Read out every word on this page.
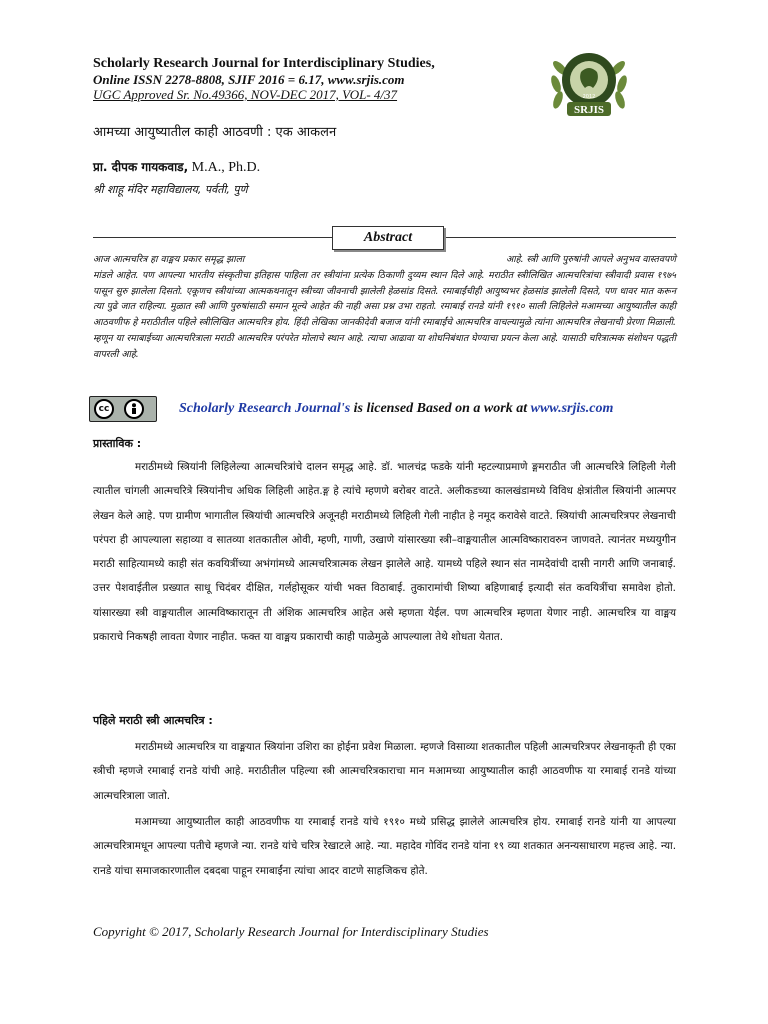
Scholarly Research Journal for Interdisciplinary Studies,

Online ISSN 2278-8808, SJIF 2016 = 6.17, www.srjis.com

UGC Approved Sr. No.49366, NOV-DEC 2017, VOL- 4/37

SRJIS
2012

आमच्या आयुष्यातील काही आठवणी : एक आकलन

प्रा. दीपक गायकवाड, M.A., Ph.D.
श्री शाहू मंदिर महाविद्यालय, पर्वती, पुणे
Abstract
आज आत्मचरित्र हा वाङ्मय प्रकार समृद्ध झाला	आहे. स्त्री आणि पुरुषांनी आपले अनुभव वास्तवपणे
मांडले आहेत. पण आपल्या भारतीय संस्कृतीचा इतिहास पाहिला तर स्त्रीयांना प्रत्येक ठिकाणी दुय्यम स्थान दिले आहे. मराठीत स्त्रीलिखित आत्मचरित्रांचा स्त्रीवादी प्रवास १९७५ पासून सुरु झालेला दिसतो. एकूणच स्त्रीयांच्या आत्मकथनातून स्त्रीच्या जीवनाची झालेली हेळसांड दिसते. रमाबाईंचीही आयुष्यभर हेळसांड झालेली दिसते, पण धावर मात करून त्या पुढे जात राहिल्या. मुळात स्त्री आणि पुरुषांसाठी समान मूल्ये आहेत की नाही असा प्रश्न उभा राहतो. रमाबाई रानडे यांनी १९१० साली लिहिलेले मआमच्या आयुष्यातील काही आठवणीफ हे मराठीतील पहिले स्त्रीलिखित आत्मचरित्र होय. हिंदी लेखिका जानकीदेवी बजाज यांनी रमाबाईंचे आत्मचरित्र वाचल्यामुळे त्यांना आत्मचरित्र लेखनाची प्रेरणा मिळाली. म्हणून या रमाबाईच्या आत्मचरित्राला मराठी आत्मचरित्र परंपरेत मोलाचे स्थान आहे. त्याचा आढावा या शोधनिबंधात घेण्याचा प्रयत्न केला आहे. यासाठी चरित्रात्मक संशोधन पद्धती वापरली आहे.
cc	Scholarly Research Journal's is licensed Based on a work at www.srjis.com

प्रास्ताविक :

मराठीमध्ये स्त्रियांनी लिहिलेल्या आत्मचरित्रांचे दालन समृद्ध आहे. डॉ. भालचंद्र फडके यांनी म्हटल्याप्रमाणे ङ्गमराठीत जी आत्मचरित्रे लिहिली गेली त्यातील चांगली आत्मचरित्रे स्त्रियांनीच अधिक लिहिली आहेत.ङ्ग हे त्यांचे म्हणणे बरोबर वाटते. अलीकडच्या कालखंडामध्ये विविध क्षेत्रांतील स्त्रियांनी आत्मपर लेखन केले आहे. पण ग्रामीण भागातील स्त्रियांची आत्मचरित्रे अजूनही मराठीमध्ये लिहिली गेली नाहीत हे नमूद करावेसे वाटते. स्त्रियांची आत्मचरित्रपर लेखनाची परंपरा ही आपल्याला सहाव्या व सातव्या शतकातील ओवी, म्हणी, गाणी, उखाणे यांसारख्या स्त्री–वाङ्मयातील आत्मविष्कारावरुन जाणवते. त्यानंतर मध्ययुगीन मराठी साहित्यामध्ये काही संत कवयित्रींच्या अभंगांमध्ये आत्मचरित्रात्मक लेखन झालेले आहे. यामध्ये पहिले स्थान संत नामदेवांची दासी नागरी आणि जनाबाई. उत्तर पेशवाईतील प्रख्यात साधू चिदंबर दीक्षित, गर्लहोसूकर यांची भक्त विठाबाई. तुकारामांची शिष्या बहिणाबाई इत्यादी संत कवयित्रींचा समावेश होतो. यांसारख्या स्त्री वाङ्मयातील आत्मविष्कारातून ती अंशिक आत्मचरित्र आहेत असे म्हणता येईल. पण आत्मचरित्र म्हणता येणार नाही. आत्मचरित्र या वाङ्मय प्रकाराचे निकषही लावता येणार नाहीत. फक्त या वाङ्मय प्रकाराची काही पाळेमुळे आपल्याला तेथे शोधता येतात.

पहिले मराठी स्त्री आत्मचरित्र :

मराठीमध्ये आत्मचरित्र या वाङ्मयात स्त्रियांना उशिरा का होईना प्रवेश मिळाला. म्हणजे विसाव्या शतकातील पहिली आत्मचरित्रपर लेखनाकृती ही एका स्त्रीची म्हणजे रमाबाई रानडे यांची आहे. मराठीतील पहिल्या स्त्री आत्मचरित्रकाराचा मान मआमच्या आयुष्यातील काही आठवणीफ या रमाबाई रानडे यांच्या आत्मचरित्राला जातो.

मआमच्या आयुष्यातील काही आठवणीफ या रमाबाई रानडे यांचे १९१० मध्ये प्रसिद्ध झालेले आत्मचरित्र होय. रमाबाई रानडे यांनी या आपल्या आत्मचरित्रामधून आपल्या पतीचे म्हणजे न्या. रानडे यांचे चरित्र रेखाटले आहे. न्या. महादेव गोविंद रानडे यांना १९ व्या शतकात अनन्यसाधारण महत्त्व आहे. न्या. रानडे यांचा समाजकारणातील दबदबा पाहून रमाबाईंना त्यांचा आदर वाटणे साहजिकच होते.

Copyright © 2017, Scholarly Research Journal for Interdisciplinary Studies
